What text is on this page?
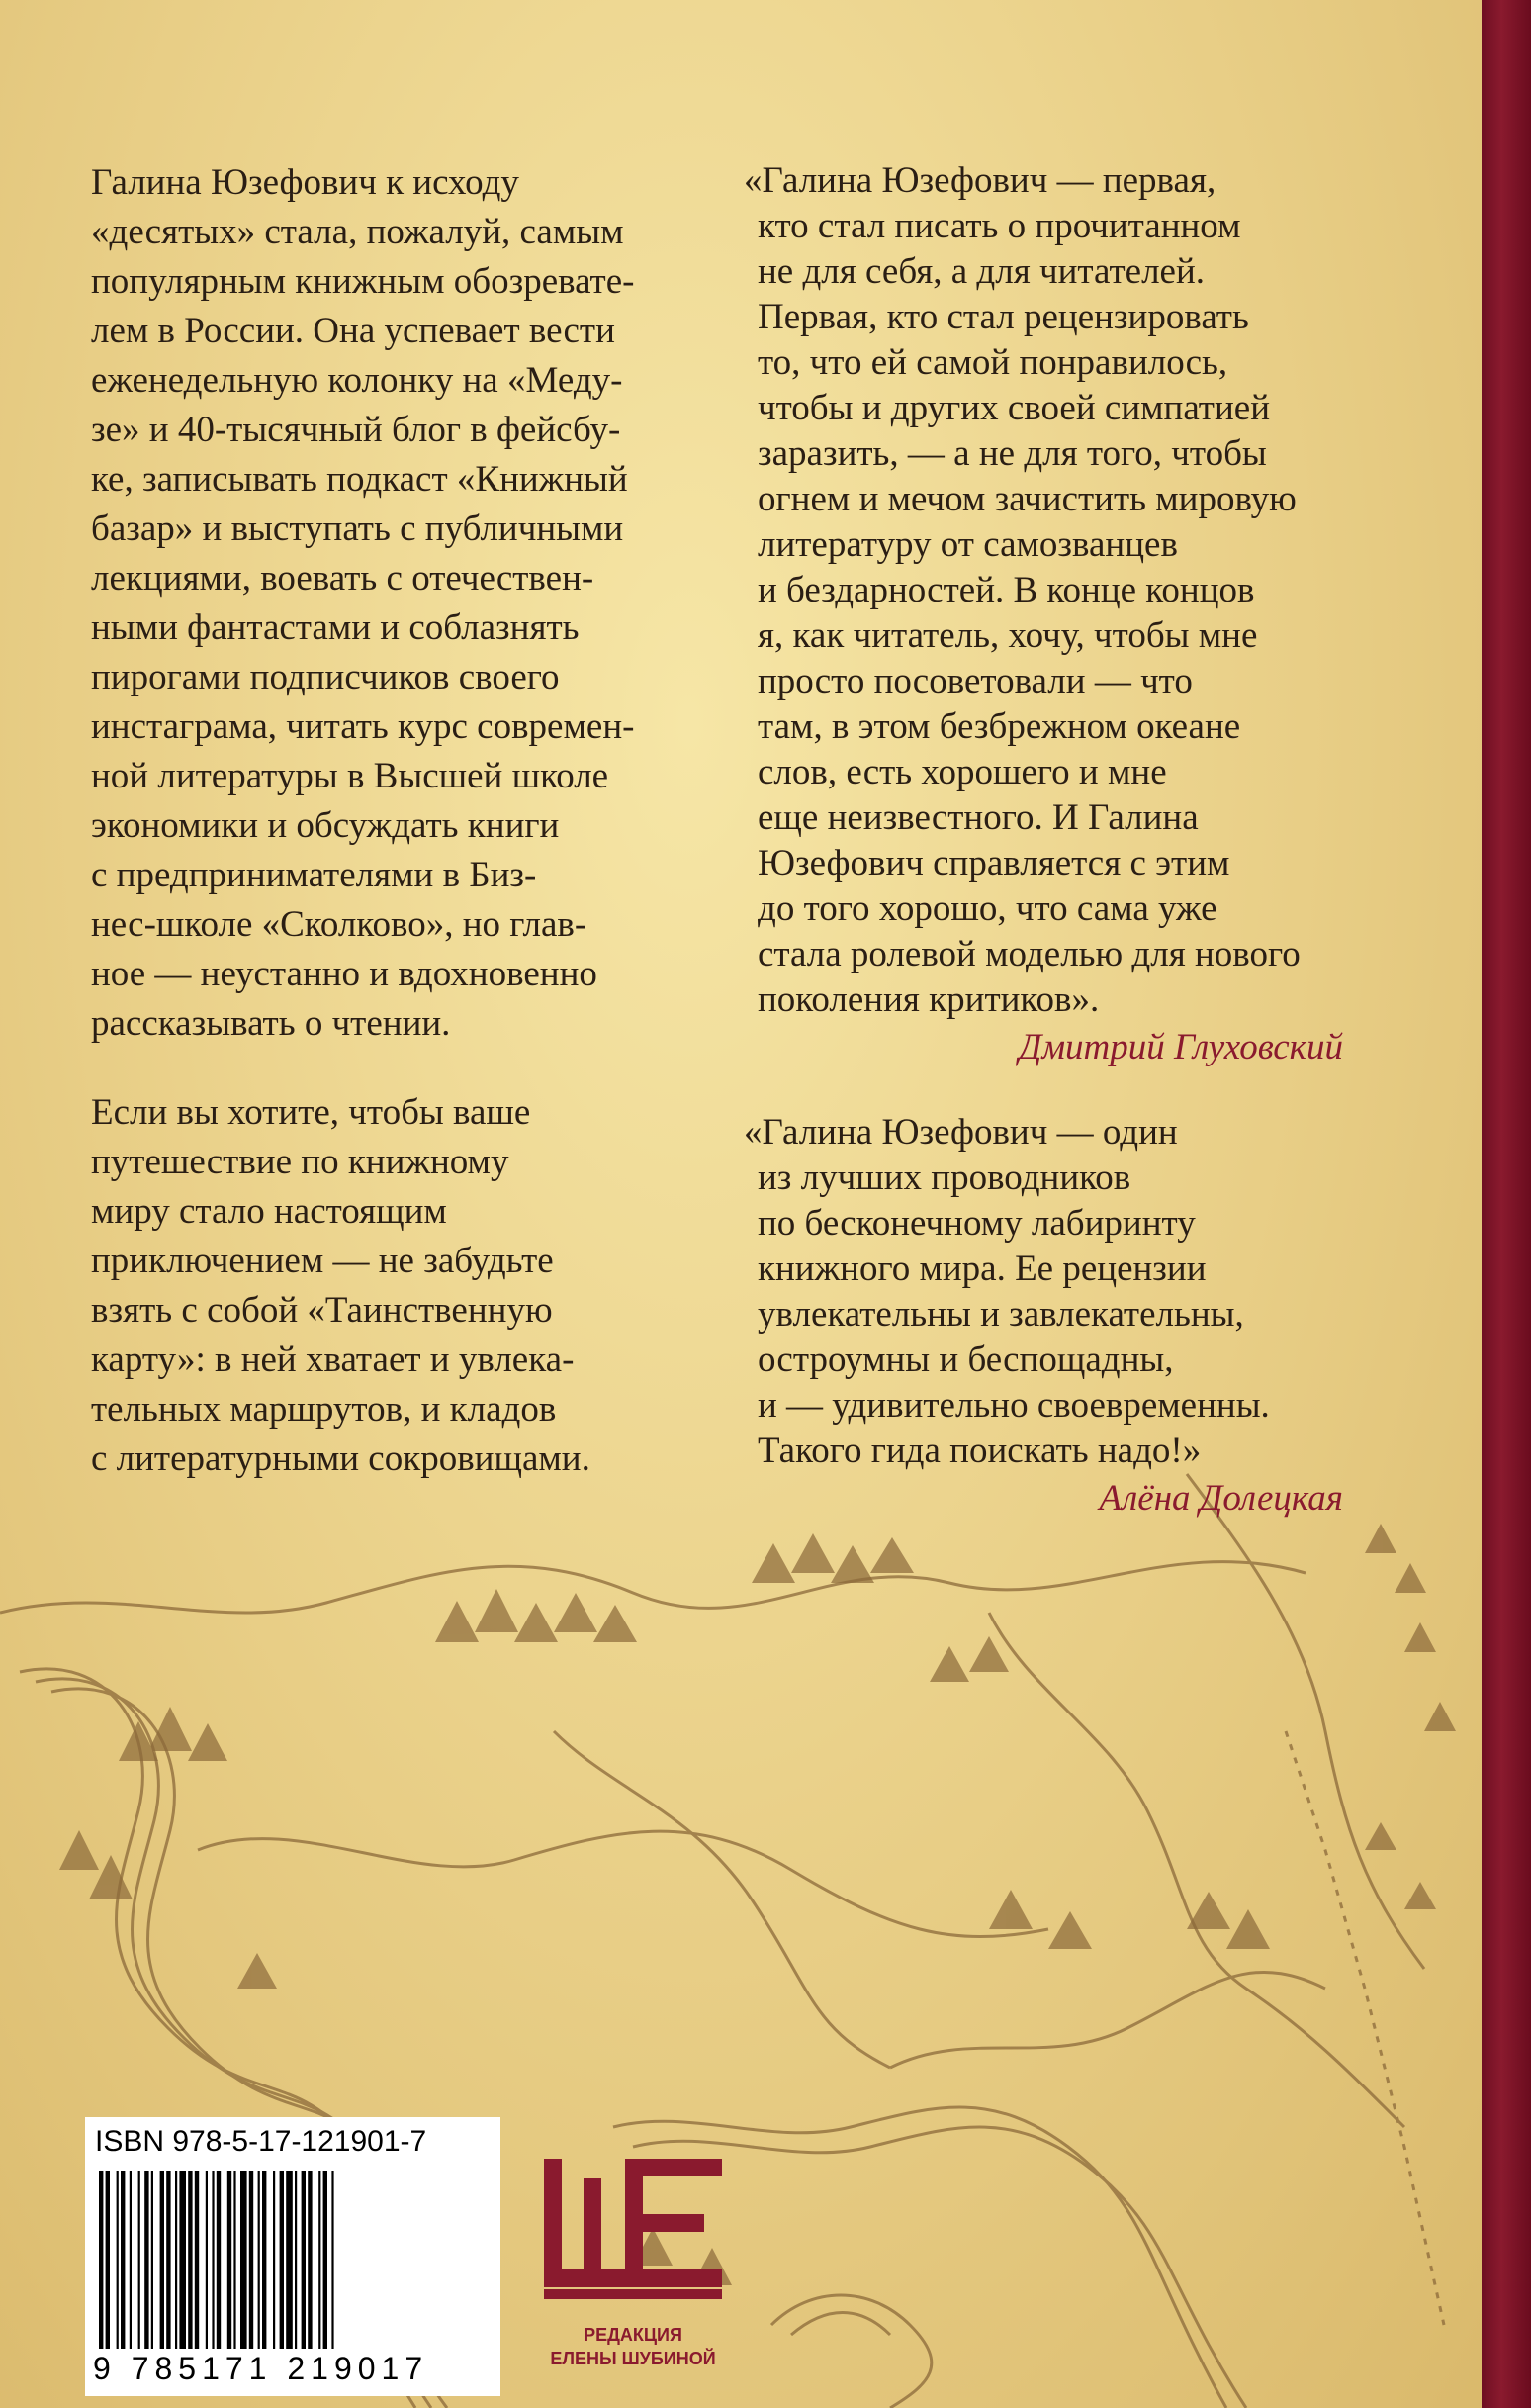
Галина Юзефович к исходу
«десятых» стала, пожалуй, самым
популярным книжным обозревате-
лем в России. Она успевает вести
еженедельную колонку на «Меду-
зе» и 40-тысячный блог в фейсбу-
ке, записывать подкаст «Книжный
базар» и выступать с публичными
лекциями, воевать с отечествен-
ными фантастами и соблазнять
пирогами подписчиков своего
инстаграма, читать курс современ-
ной литературы в Высшей школе
экономики и обсуждать книги
с предпринимателями в Биз-
нес-школе «Сколково», но глав-
ное — неустанно и вдохновенно
рассказывать о чтении.

Если вы хотите, чтобы ваше
путешествие по книжному
миру стало настоящим
приключением — не забудьте
взять с собой «Таинственную
карту»: в ней хватает и увлека-
тельных маршрутов, и кладов
с литературными сокровищами.

«Галина Юзефович — первая,
кто стал писать о прочитанном
не для себя, а для читателей.
Первая, кто стал рецензировать
то, что ей самой понравилось,
чтобы и других своей симпатией
заразить, — а не для того, чтобы
огнем и мечом зачистить мировую
литературу от самозванцев
и бездарностей. В конце концов
я, как читатель, хочу, чтобы мне
просто посоветовали — что
там, в этом безбрежном океане
слов, есть хорошего и мне
еще неизвестного. И Галина
Юзефович справляется с этим
до того хорошо, что сама уже
стала ролевой моделью для нового
поколения критиков».

Дмитрий Глуховский

«Галина Юзефович — один
из лучших проводников
по бесконечному лабиринту
книжного мира. Ее рецензии
увлекательны и завлекательны,
остроумны и беспощадны,
и — удивительно своевременны.
Такого гида поискать надо!»

Алёна Долецкая
ISBN 978-5-17-121901-7
9 785171 219017
РЕДАКЦИЯ
ЕЛЕНЫ ШУБИНОЙ
